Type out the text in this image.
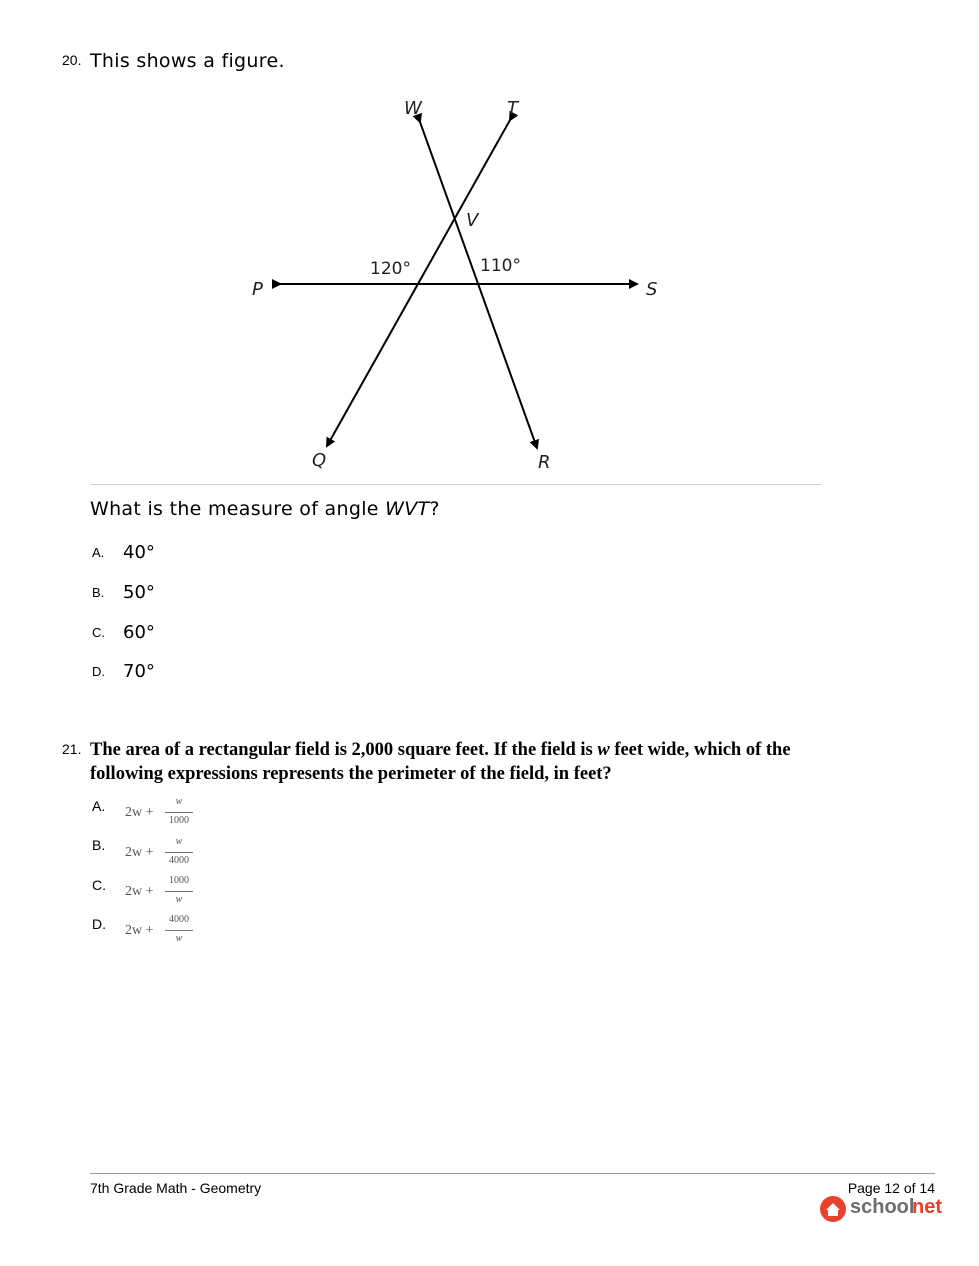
20. This shows a figure.
W	T
V
P	S
Q	R
120°	110°
What is the measure of angle WVT?
A. 40°
B. 50°
C. 60°
D. 70°
21. The area of a rectangular field is 2,000 square feet. If the field is w feet wide, which of the following expressions represents the perimeter of the field, in feet?
A. 2w +
w
1000
B. 2w +
w
4000
C. 2w +
1000
w
D. 2w +
4000
w
7th Grade Math - Geometry	Page 12 of 14
school
net
